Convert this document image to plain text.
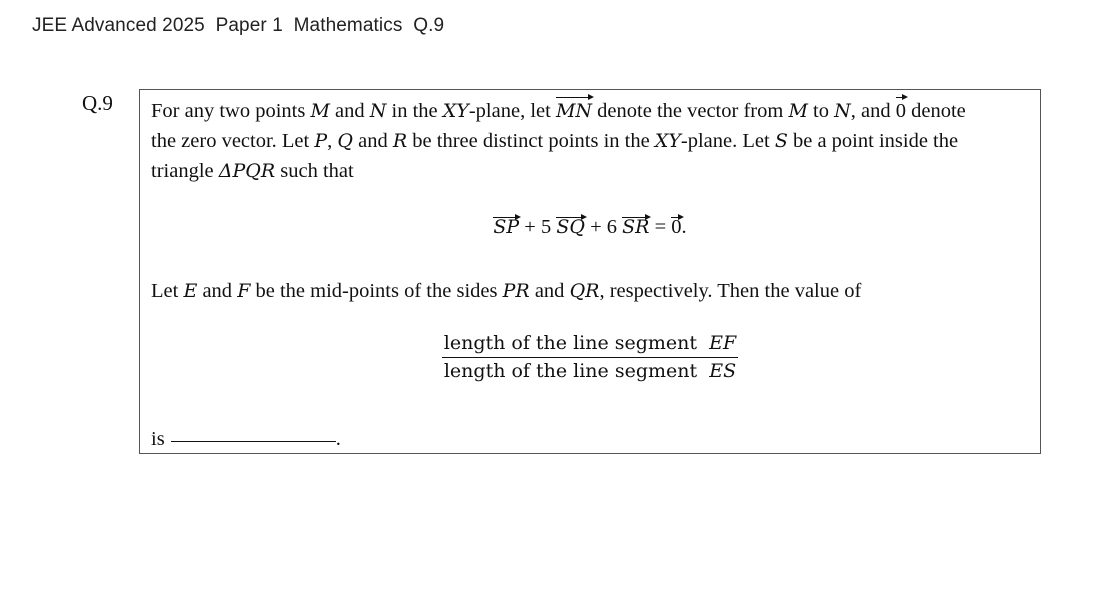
JEE Advanced 2025 Paper 1 Mathematics Q.9
Q.9 For any two points M and N in the XY-plane, let
MN denote the vector from M to N, and
0 denote
the zero vector. Let P, Q and R be three distinct points in the XY-plane. Let S be a point inside the
triangle ΔPQR such that
SP + 5 SQ + 6 SR = 0.
Let E and F be the mid-points of the sides PR and QR, respectively. Then the value of
$\frac{\text{length of the line segment EF}}{\text{length of the line segment ES}}$
is	.
